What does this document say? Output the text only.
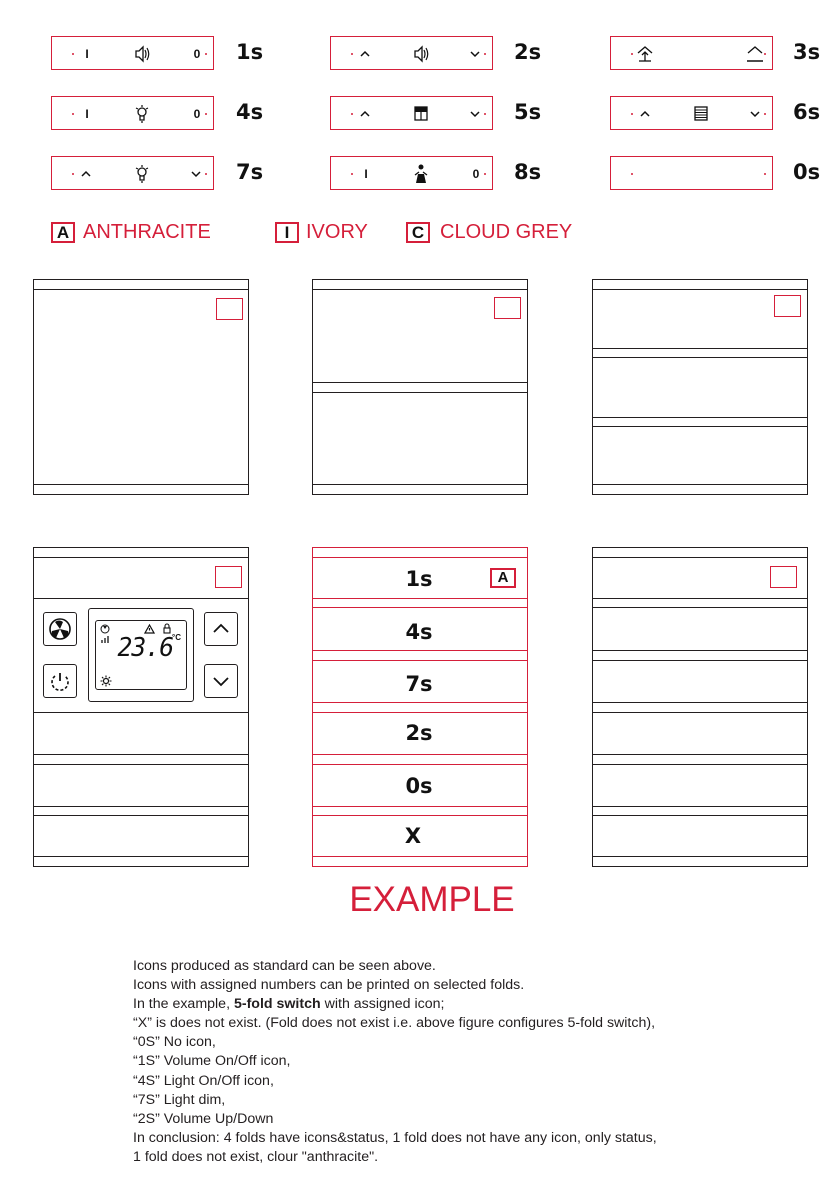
I	0 1s	2s	3s
I	0 4s	5s	6s
7s	I	0 8s	0s
A ANTHRACITE	I IVORY	C CLOUD GREY
23.6
°C
1s	A
4s
7s
2s
0s
X
EXAMPLE
Icons produced as standard can be seen above.
Icons with assigned numbers can be printed on selected folds.
In the example, 5-fold switch with assigned icon;
“X” is does not exist. (Fold does not exist i.e. above figure configures 5-fold switch),
“0S” No icon,
“1S” Volume On/Off icon,
“4S” Light On/Off icon,
“7S” Light dim,
“2S” Volume Up/Down
In conclusion: 4 folds have icons&status, 1 fold does not have any icon, only status,
1 fold does not exist, clour "anthracite".
